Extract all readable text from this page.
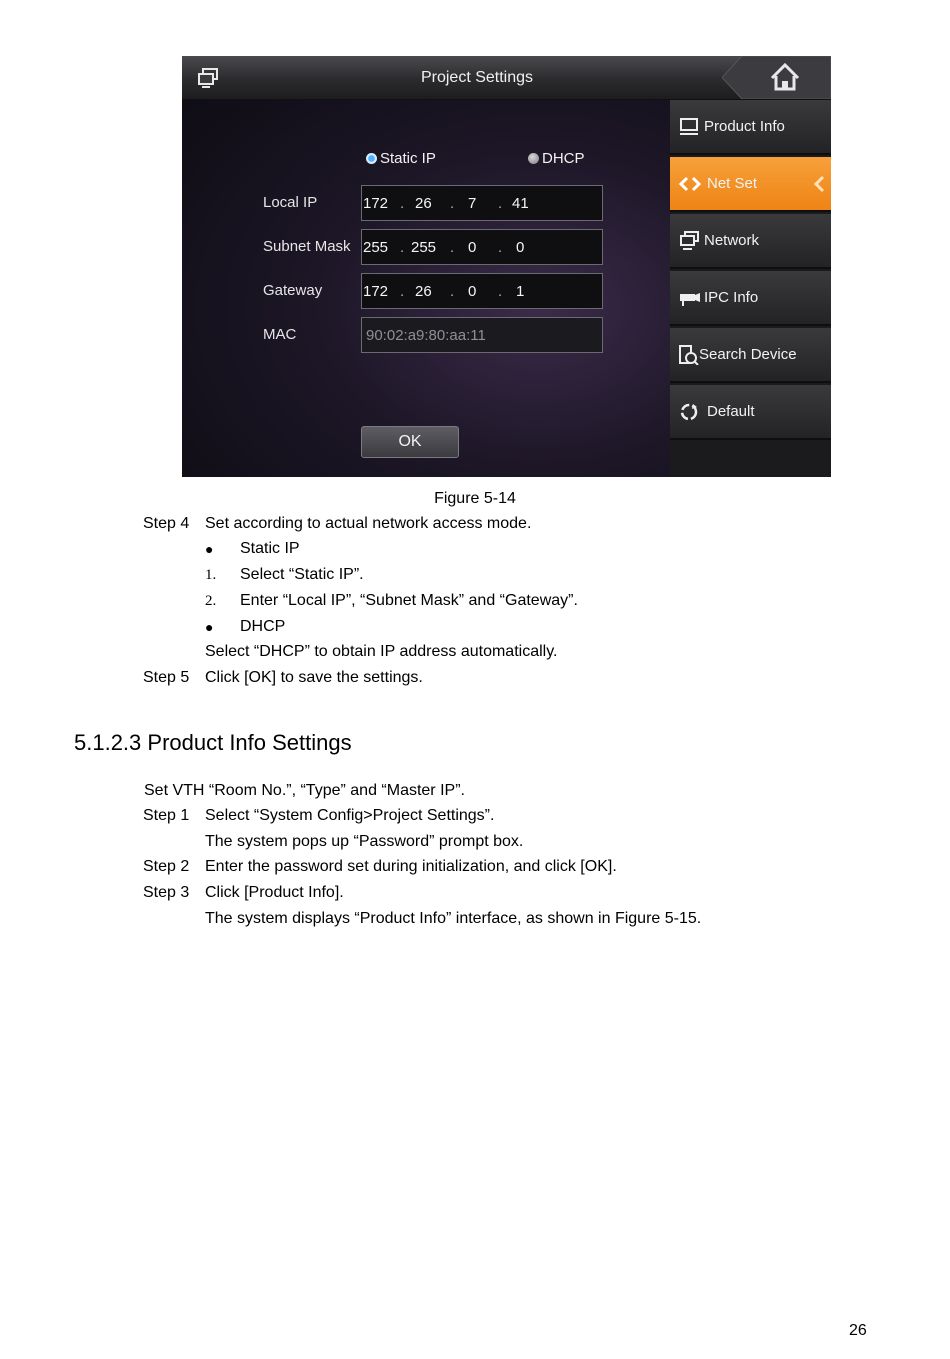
Project Settings
Static IP	DHCP
Local IP	172 . 26 . 7 . 41
Subnet Mask 255 . 255 . 0 . 0
Gateway	172 . 26 . 0 . 1
MAC	90:02:a9:80:aa:11
OK
Product Info
Net Set
Network
IPC Info
Search Device
Default
Figure 5-14
Step 4 Set according to actual network access mode.
● Static IP
1. Select “Static IP”.
2. Enter “Local IP”, “Subnet Mask” and “Gateway”.
● DHCP
Select “DHCP” to obtain IP address automatically.
Step 5 Click [OK] to save the settings.
5.1.2.3 Product Info Settings
Set VTH “Room No.”, “Type” and “Master IP”.
Step 1 Select “System Config>Project Settings”.
The system pops up “Password” prompt box.
Step 2 Enter the password set during initialization, and click [OK].
Step 3 Click [Product Info].
The system displays “Product Info” interface, as shown in Figure 5-15.
26
